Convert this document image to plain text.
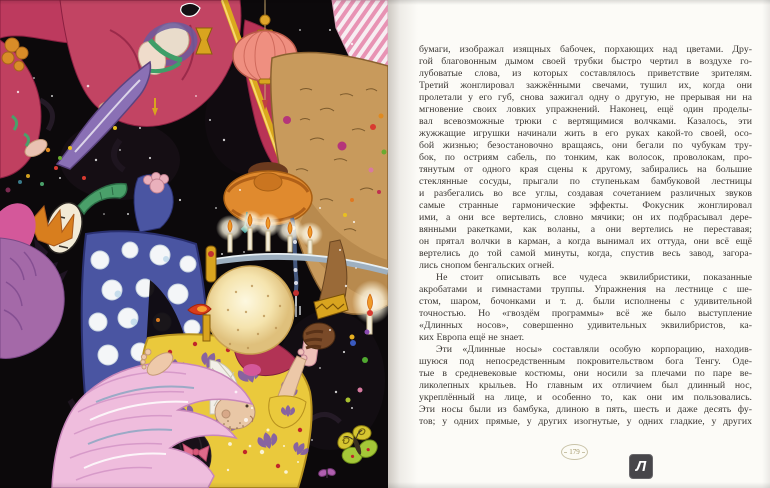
бумаги, изображал изящных бабочек, порхающих над цветами. Дру-
гой благовонным дымом своей трубки быстро чертил в воздухе го-
лубоватые слова, из которых составлялось приветствие зрителям.
Третий жонглировал зажжёнными свечами, тушил их, когда они
пролетали у его губ, снова зажигал одну о другую, не прерывая ни на
мгновение своих ловких упражнений. Наконец, ещё один проделы-
вал всевозможные трюки с вертящимися волчками. Казалось, эти
жужжащие игрушки начинали жить в его руках какой-то своей, осо-
бой жизнью; безостановочно вращаясь, они бегали по чубукам тру-
бок, по остриям сабель, по тонким, как волосок, проволокам, про-
тянутым от одного края сцены к другому, забирались на большие
стеклянные сосуды, прыгали по ступенькам бамбуковой лестницы
и разбегались во все углы, создавая сочетанием различных звуков
самые странные гармонические эффекты. Фокусник жонглировал
ими, а они все вертелись, словно мячики; он их подбрасывал дере-
вянными ракетками, как воланы, а они вертелись не переставая;
он прятал волчки в карман, а когда вынимал их оттуда, они всё ещё
вертелись до той самой минуты, когда, спустив весь завод, загора-
лись снопом бенгальских огней.
Не стоит описывать все чудеса эквилибристики, показанные
акробатами и гимнастами труппы. Упражнения на лестнице с ше-
стом, шаром, бочонками и т. д. были исполнены с удивительной
точностью. Но «гвоздём программы» всё же было выступление
«Длинных носов», совершенно удивительных эквилибристов, ка-
ких Европа ещё не знает.
Эти «Длинные носы» составляли особую корпорацию, находив-
шуюся под непосредственным покровительством бога Тенгу. Оде-
тые в средневековые костюмы, они носили за плечами по паре ве-
ликолепных крыльев. Но главным их отличием был длинный нос,
укреплённый на лице, и особенно то, как они им пользовались.
Эти носы были из бамбука, длиною в пять, шесть и даже десять фу-
тов; у одних прямые, у других изогнутые, у одних гладкие, у других
179
Л
